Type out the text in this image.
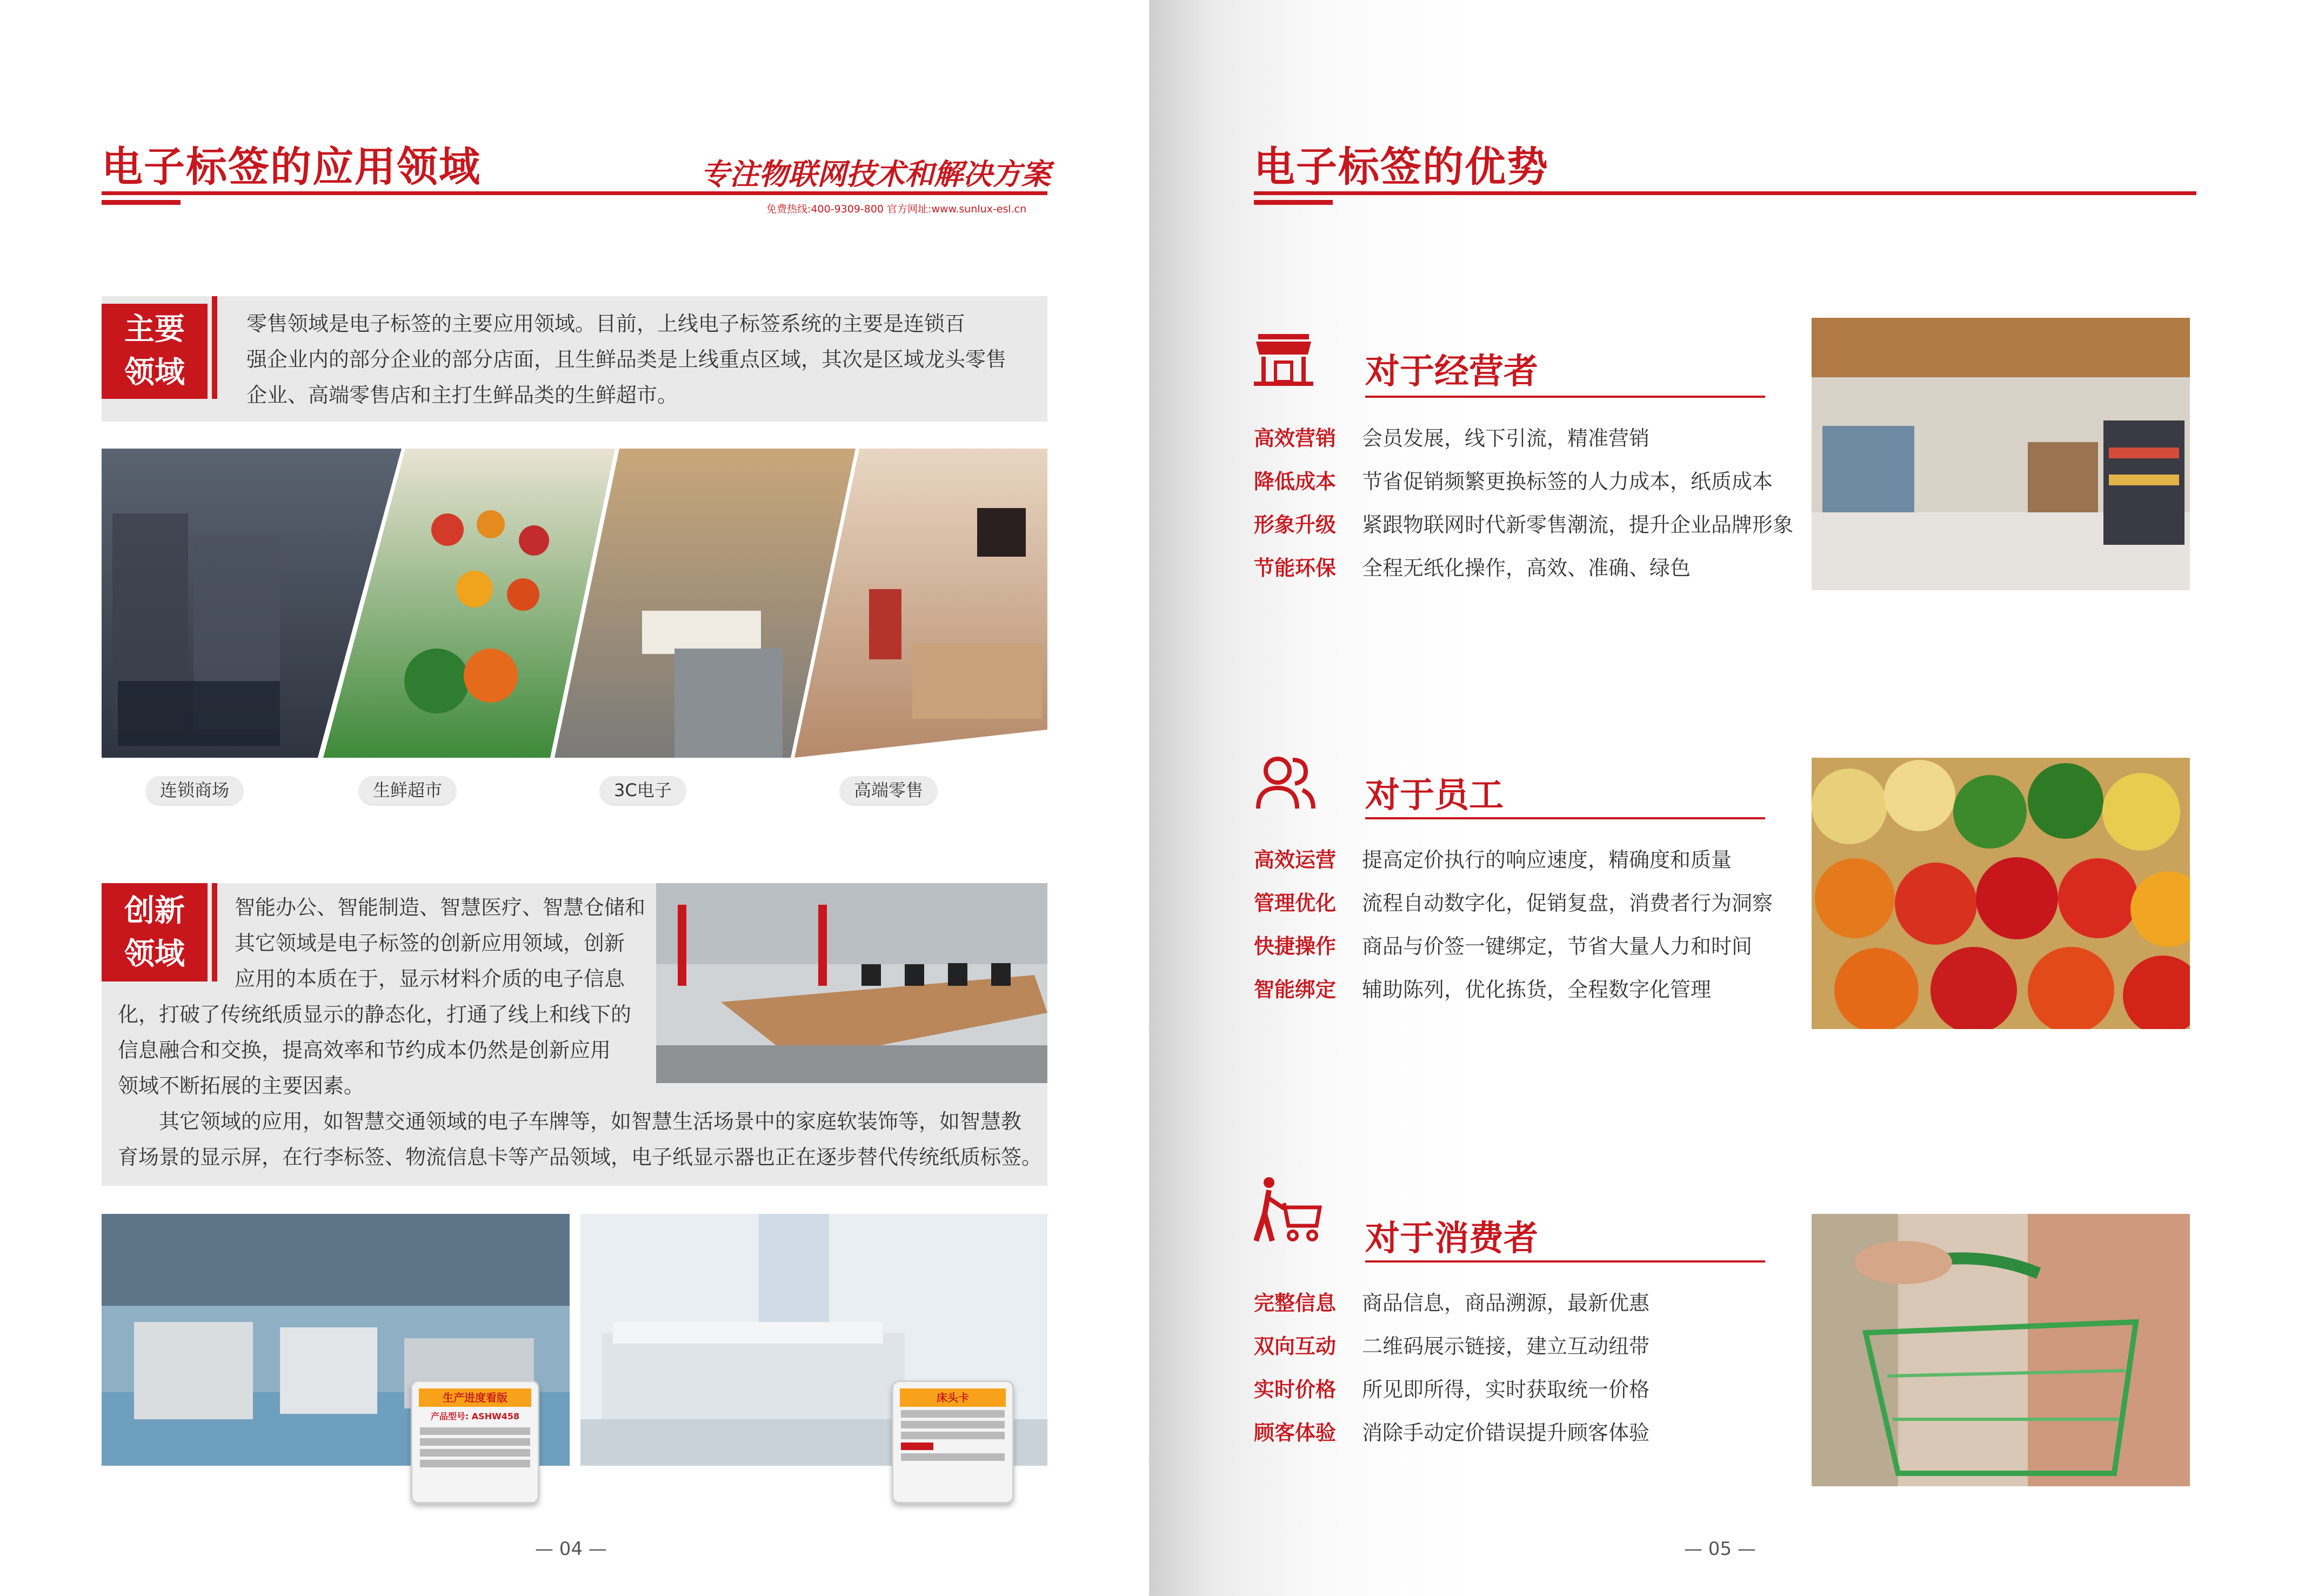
电子标签的应用领域	专注物联网技术和解决方案
免费热线:400-9309-800 官方网址:www.sunlux-esl.cn
主要
领域
零售领域是电子标签的主要应用领域。目前，上线电子标签系统的主要是连锁百
强企业内的部分企业的部分店面，且生鲜品类是上线重点区域，其次是区域龙头零售
企业、高端零售店和主打生鲜品类的生鲜超市。
连锁商场	生鲜超市	3C电子	高端零售
创新
领域
智能办公、智能制造、智慧医疗、智慧仓储和
其它领域是电子标签的创新应用领域，创新
应用的本质在于，显示材料介质的电子信息
化，打破了传统纸质显示的静态化，打通了线上和线下的
信息融合和交换，提高效率和节约成本仍然是创新应用
领域不断拓展的主要因素。
其它领域的应用，如智慧交通领域的电子车牌等，如智慧生活场景中的家庭软装饰等，如智慧教
育场景的显示屏，在行李标签、物流信息卡等产品领域，电子纸显示器也正在逐步替代传统纸质标签。
生产进度看版
产品型号: ASHW458
床头卡
— 04 —
电子标签的优势
对于经营者
高效营销 会员发展，线下引流，精准营销
降低成本 节省促销频繁更换标签的人力成本，纸质成本
形象升级 紧跟物联网时代新零售潮流，提升企业品牌形象
节能环保 全程无纸化操作，高效、准确、绿色
对于员工
高效运营 提高定价执行的响应速度，精确度和质量
管理优化 流程自动数字化，促销复盘，消费者行为洞察
快捷操作 商品与价签一键绑定，节省大量人力和时间
智能绑定 辅助陈列，优化拣货，全程数字化管理
对于消费者
完整信息 商品信息，商品溯源，最新优惠
双向互动 二维码展示链接，建立互动纽带
实时价格 所见即所得，实时获取统一价格
顾客体验 消除手动定价错误提升顾客体验
— 05 —
